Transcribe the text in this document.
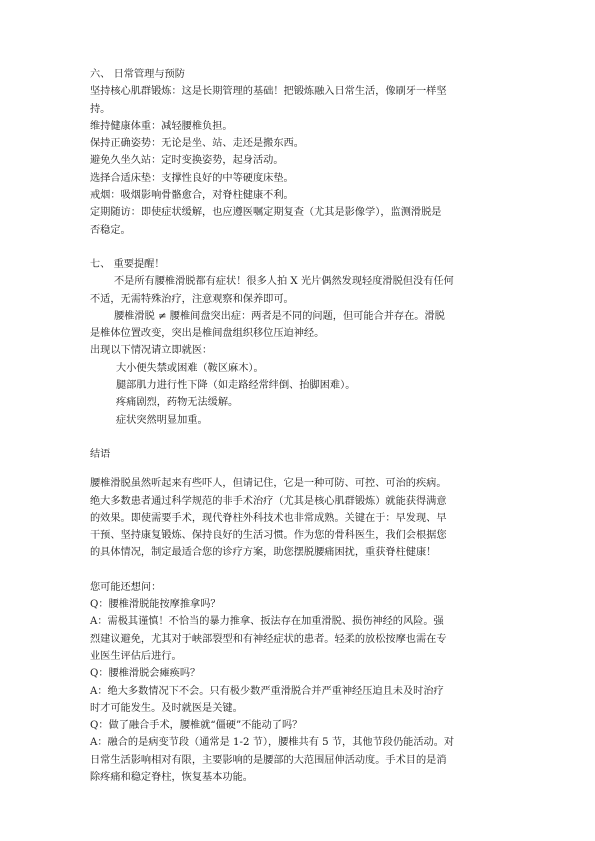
六、 日常管理与预防
坚持核心肌群锻炼：这是长期管理的基础！把锻炼融入日常生活，像刷牙一样坚
持。
维持健康体重：减轻腰椎负担。
保持正确姿势：无论是坐、站、走还是搬东西。
避免久坐久站：定时变换姿势，起身活动。
选择合适床垫：支撑性良好的中等硬度床垫。
戒烟：吸烟影响骨骼愈合，对脊柱健康不利。
定期随访：即使症状缓解，也应遵医嘱定期复查（尤其是影像学），监测滑脱是
否稳定。
七、 重要提醒！
不是所有腰椎滑脱都有症状！很多人拍 X 光片偶然发现轻度滑脱但没有任何
不适，无需特殊治疗，注意观察和保养即可。
腰椎滑脱 ≠ 腰椎间盘突出症：两者是不同的问题，但可能合并存在。滑脱
是椎体位置改变，突出是椎间盘组织移位压迫神经。
出现以下情况请立即就医：
大小便失禁或困难（鞍区麻木）。
腿部肌力进行性下降（如走路经常绊倒、抬脚困难）。
疼痛剧烈，药物无法缓解。
症状突然明显加重。
结语
腰椎滑脱虽然听起来有些吓人，但请记住，它是一种可防、可控、可治的疾病。
绝大多数患者通过科学规范的非手术治疗（尤其是核心肌群锻炼）就能获得满意
的效果。即使需要手术，现代脊柱外科技术也非常成熟。关键在于：早发现、早
干预、坚持康复锻炼、保持良好的生活习惯。作为您的骨科医生，我们会根据您
的具体情况，制定最适合您的诊疗方案，助您摆脱腰痛困扰，重获脊柱健康！
您可能还想问：
Q：腰椎滑脱能按摩推拿吗？
A：需极其谨慎！不恰当的暴力推拿、扳法存在加重滑脱、损伤神经的风险。强
烈建议避免，尤其对于峡部裂型和有神经症状的患者。轻柔的放松按摩也需在专
业医生评估后进行。
Q：腰椎滑脱会瘫痪吗？
A：绝大多数情况下不会。只有极少数严重滑脱合并严重神经压迫且未及时治疗
时才可能发生。及时就医是关键。
Q：做了融合手术，腰椎就“僵硬”不能动了吗？
A：融合的是病变节段（通常是 1-2 节），腰椎共有 5 节，其他节段仍能活动。对
日常生活影响相对有限，主要影响的是腰部的大范围屈伸活动度。手术目的是消
除疼痛和稳定脊柱，恢复基本功能。
